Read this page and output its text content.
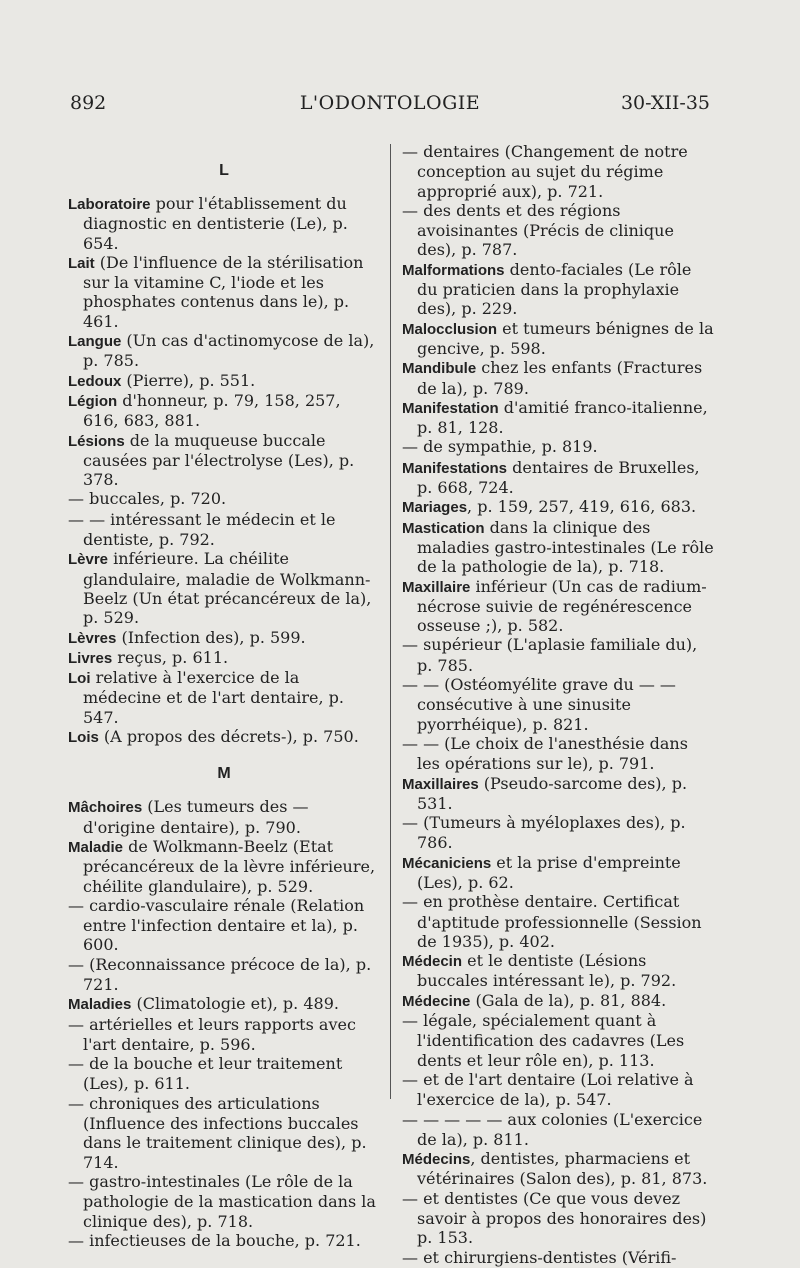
892	L'ODONTOLOGIE	30-XII-35
L

Laboratoire pour l'établissement du diagnostic en dentisterie (Le), p. 654.

Lait (De l'influence de la stérilisation sur la vitamine C, l'iode et les phosphates contenus dans le), p. 461.

Langue (Un cas d'actinomycose de la), p. 785.

Ledoux (Pierre), p. 551.

Légion d'honneur, p. 79, 158, 257, 616, 683, 881.

Lésions de la muqueuse buccale causées par l'électrolyse (Les), p. 378.

— buccales, p. 720.

— — intéressant le médecin et le dentiste, p. 792.

Lèvre inférieure. La chéilite glandulaire, maladie de Wolkmann-Beelz (Un état précancéreux de la), p. 529.

Lèvres (Infection des), p. 599.

Livres reçus, p. 611.

Loi relative à l'exercice de la médecine et de l'art dentaire, p. 547.

Lois (A propos des décrets-), p. 750.

M

Mâchoires (Les tumeurs des — d'origine dentaire), p. 790.

Maladie de Wolkmann-Beelz (Etat précancéreux de la lèvre inférieure, chéilite glandulaire), p. 529.

— cardio-vasculaire rénale (Relation entre l'infection dentaire et la), p. 600.

— (Reconnaissance précoce de la), p. 721.

Maladies (Climatologie et), p. 489.

— artérielles et leurs rapports avec l'art dentaire, p. 596.

— de la bouche et leur traitement (Les), p. 611.

— chroniques des articulations (Influence des infections buccales dans le traitement clinique des), p. 714.

— gastro-intestinales (Le rôle de la pathologie de la mastication dans la clinique des), p. 718.

— infectieuses de la bouche, p. 721.

— dentaires (Changement de notre conception au sujet du régime approprié aux), p. 721.

— des dents et des régions avoisinantes (Précis de clinique des), p. 787.

Malformations dento-faciales (Le rôle du praticien dans la prophylaxie des), p. 229.

Malocclusion et tumeurs bénignes de la gencive, p. 598.

Mandibule chez les enfants (Fractures de la), p. 789.

Manifestation d'amitié franco-italienne, p. 81, 128.

— de sympathie, p. 819.

Manifestations dentaires de Bruxelles, p. 668, 724.

Mariages, p. 159, 257, 419, 616, 683.

Mastication dans la clinique des maladies gastro-intestinales (Le rôle de la pathologie de la), p. 718.

Maxillaire inférieur (Un cas de radium-nécrose suivie de regénérescence osseuse ;), p. 582.

— supérieur (L'aplasie familiale du), p. 785.

— — (Ostéomyélite grave du — — consécutive à une sinusite pyorrhéique), p. 821.

— — (Le choix de l'anesthésie dans les opérations sur le), p. 791.

Maxillaires (Pseudo-sarcome des), p. 531.

— (Tumeurs à myéloplaxes des), p. 786.

Mécaniciens et la prise d'empreinte (Les), p. 62.

— en prothèse dentaire. Certificat d'aptitude professionnelle (Session de 1935), p. 402.

Médecin et le dentiste (Lésions buccales intéressant le), p. 792.

Médecine (Gala de la), p. 81, 884.

— légale, spécialement quant à l'identification des cadavres (Les dents et leur rôle en), p. 113.

— et de l'art dentaire (Loi relative à l'exercice de la), p. 547.

— — — — — aux colonies (L'exercice de la), p. 811.

Médecins, dentistes, pharmaciens et vétérinaires (Salon des), p. 81, 873.

— et dentistes (Ce que vous devez savoir à propos des honoraires des) p. 153.

— et chirurgiens-dentistes (Vérifi-
